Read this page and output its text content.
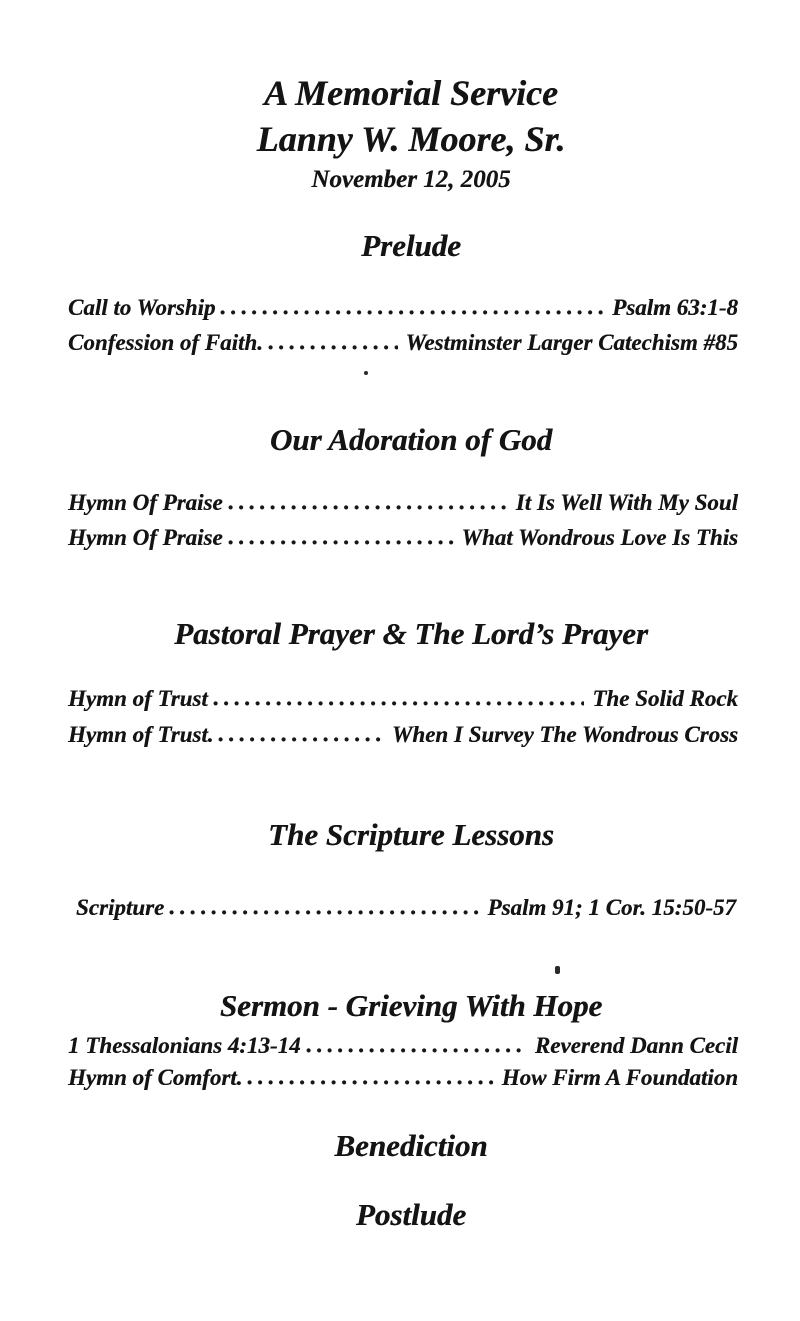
A Memorial Service
Lanny W. Moore, Sr.
November 12, 2005
Prelude
Call to Worship	Psalm 63:1-8
Confession of Faith.	Westminster Larger Catechism #85
Our Adoration of God
Hymn Of Praise	It Is Well With My Soul
Hymn Of Praise	What Wondrous Love Is This
Pastoral Prayer & The Lord’s Prayer
Hymn of Trust	The Solid Rock
Hymn of Trust.	When I Survey The Wondrous Cross
The Scripture Lessons
Scripture	Psalm 91; 1 Cor. 15:50-57
Sermon - Grieving With Hope
1 Thessalonians 4:13-14	Reverend Dann Cecil
Hymn of Comfort.	How Firm A Foundation
Benediction
Postlude
